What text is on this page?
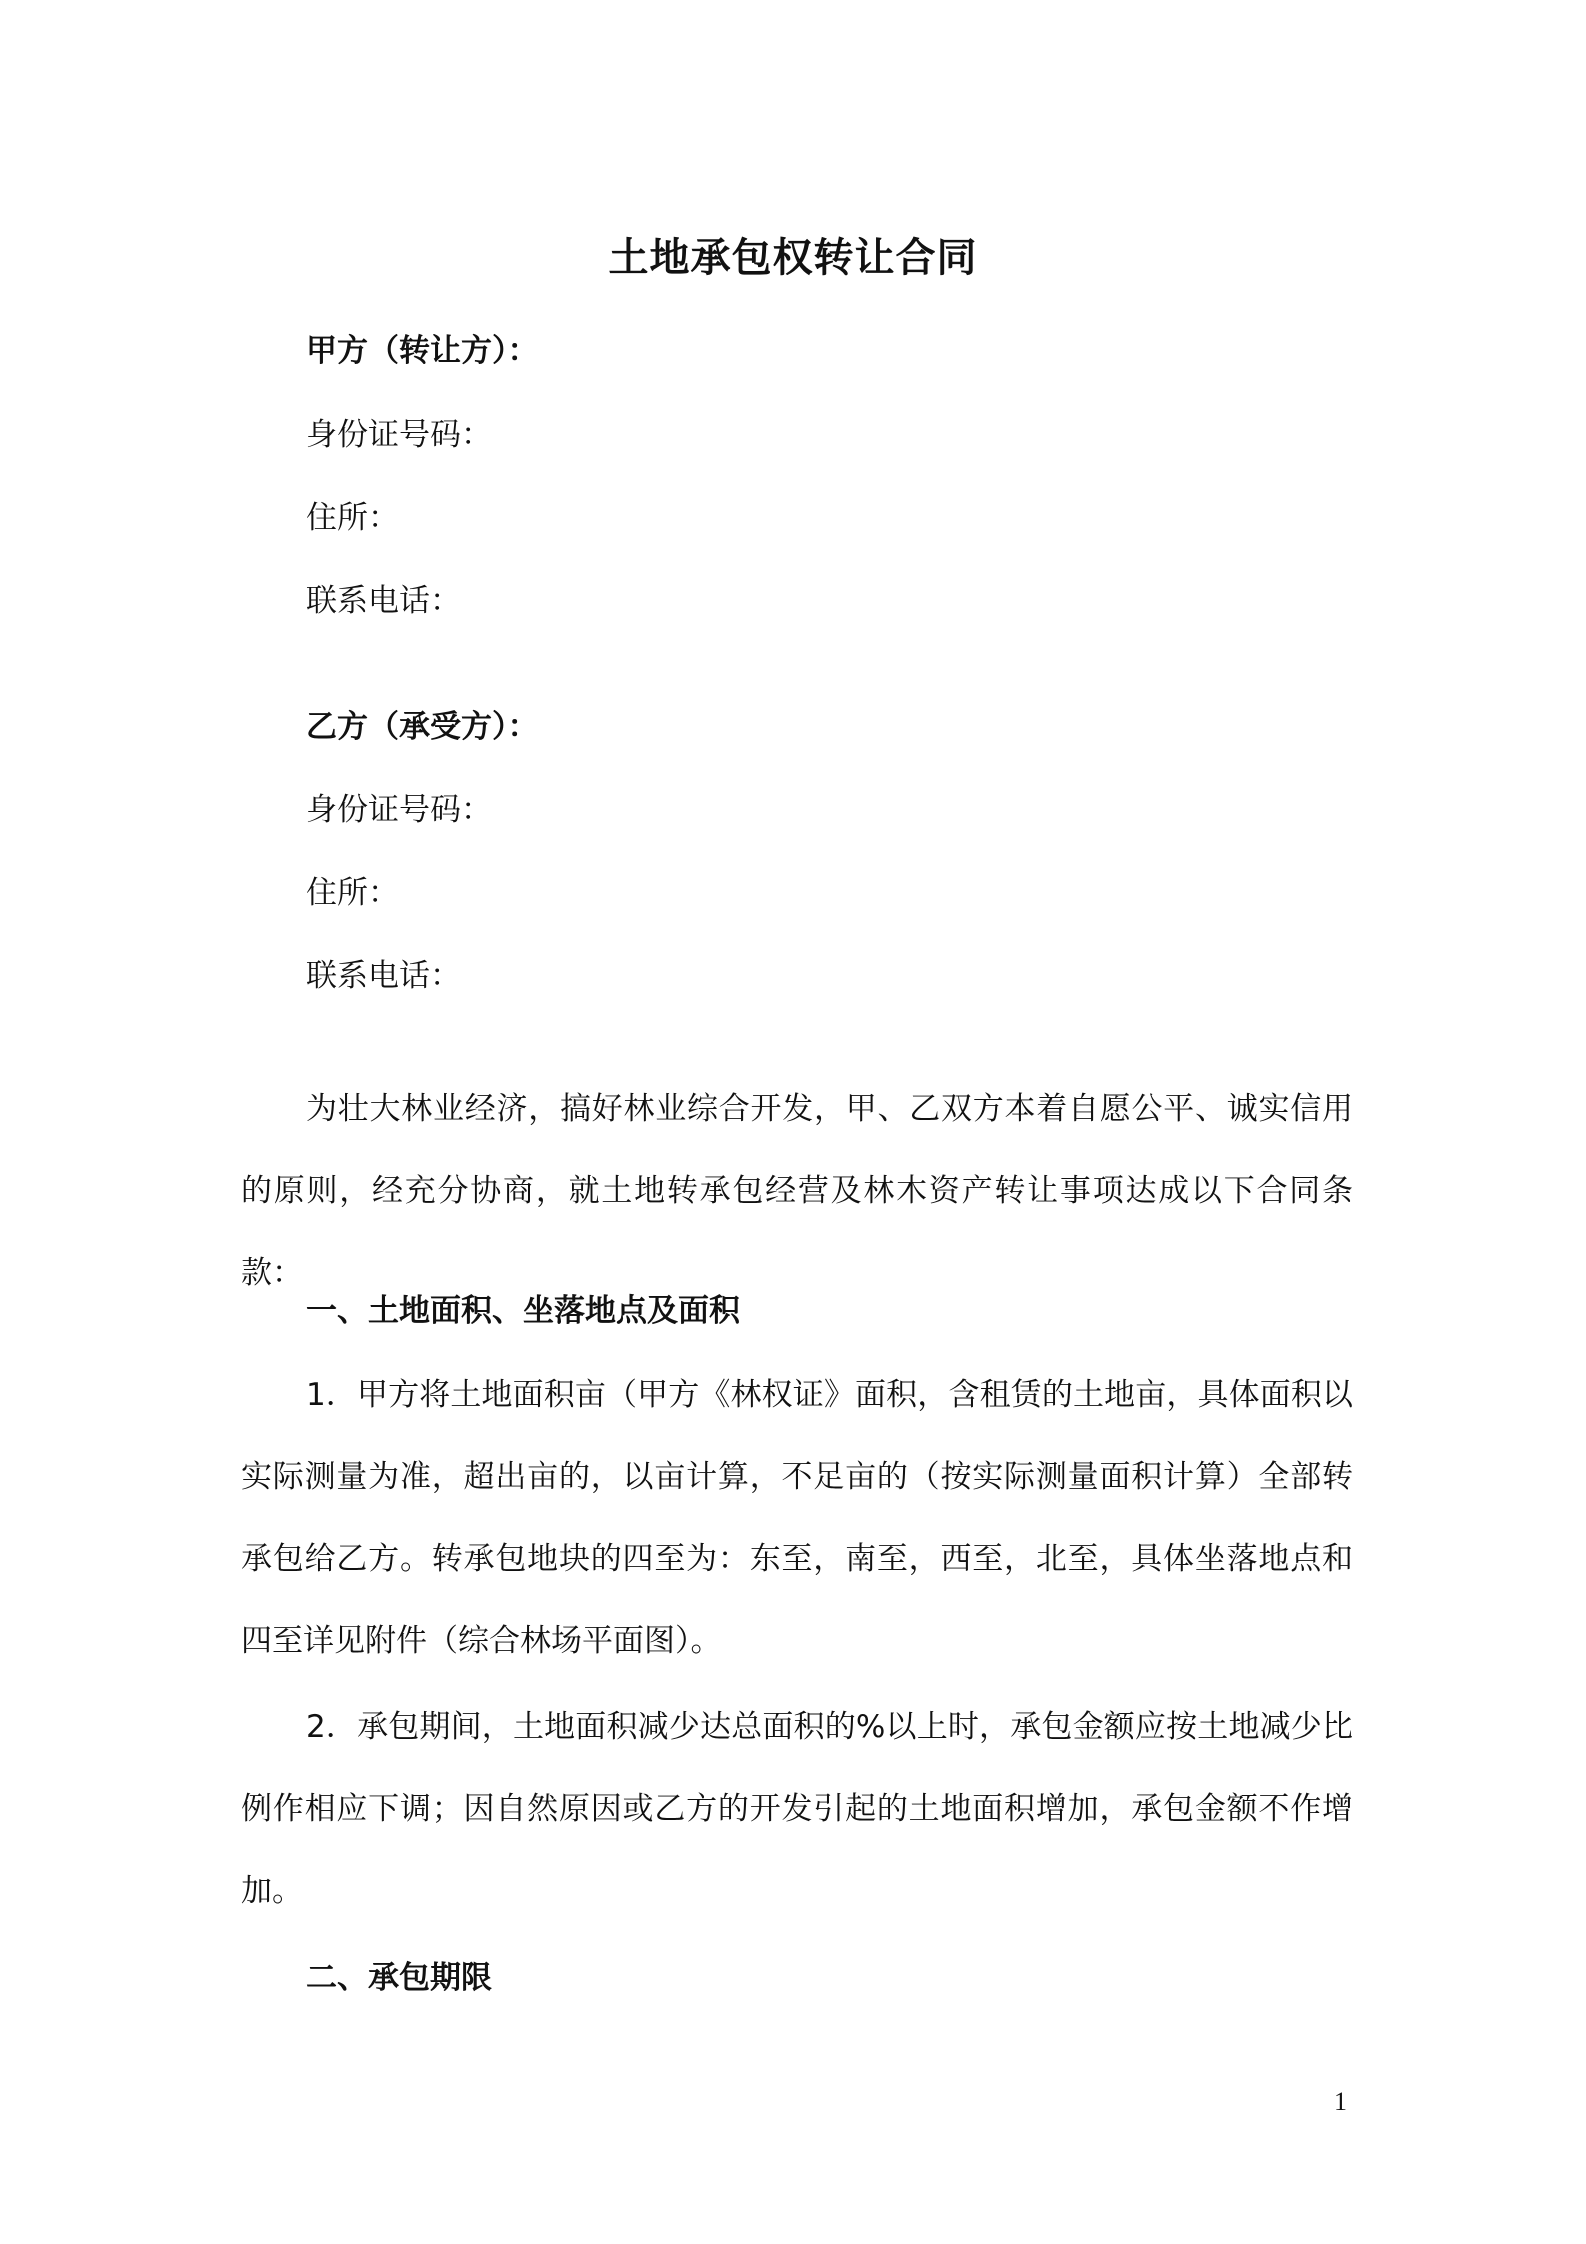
土地承包权转让合同
甲方（转让方）：
身份证号码：
住所：
联系电话：
乙方（承受方）：
身份证号码：
住所：
联系电话：
为壮大林业经济，搞好林业综合开发，甲、乙双方本着自愿公平、诚实信用的原则，经充分协商，就土地转承包经营及林木资产转让事项达成以下合同条款：
一、土地面积、坐落地点及面积
1．甲方将土地面积亩（甲方《林权证》面积，含租赁的土地亩，具体面积以实际测量为准，超出亩的，以亩计算，不足亩的（按实际测量面积计算）全部转承包给乙方。转承包地块的四至为：东至，南至，西至，北至，具体坐落地点和四至详见附件（综合林场平面图）。
2．承包期间，土地面积减少达总面积的%以上时，承包金额应按土地减少比例作相应下调；因自然原因或乙方的开发引起的土地面积增加，承包金额不作增加。
二、承包期限
1
